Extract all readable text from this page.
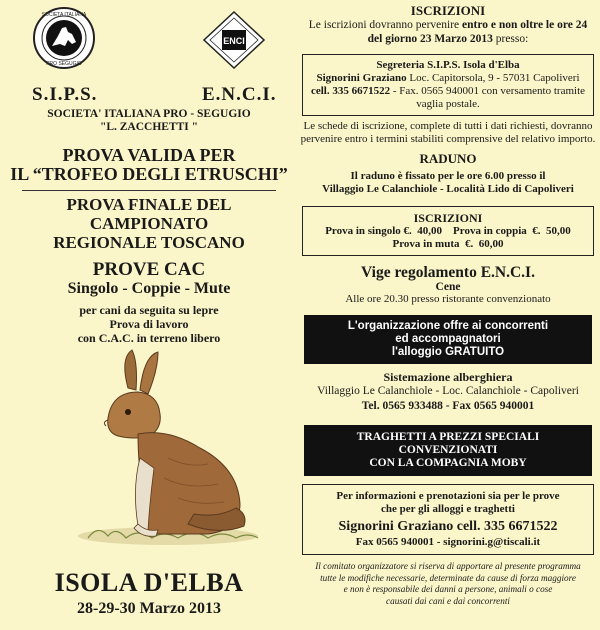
SOCIETA ITALIANA
PRO SEGUGIO
ENCI
S.I.P.S.	E.N.C.I.
SOCIETA' ITALIANA PRO - SEGUGIO
"L. ZACCHETTI "
PROVA VALIDA PER
IL “TROFEO DEGLI ETRUSCHI”
PROVA FINALE DEL CAMPIONATO
REGIONALE TOSCANO
PROVE CAC
Singolo - Coppie - Mute
per cani da seguita su lepre
Prova di lavoro
con C.A.C. in terreno libero
ISOLA D'ELBA
28-29-30 Marzo 2013
ISCRIZIONI
Le iscrizioni dovranno pervenire entro e non oltre le ore 24
del giorno 23 Marzo 2013 presso:
Segreteria S.I.P.S. Isola d'Elba
Signorini Graziano Loc. Capitorsola, 9 - 57031 Capoliveri
cell. 335 6671522 - Fax. 0565 940001 con versamento tramite
vaglia postale.
Le schede di iscrizione, complete di tutti i dati richiesti, dovranno
pervenire entro i termini stabiliti comprensive del relativo importo.
RADUNO
Il raduno è fissato per le ore 6.00 presso il
Villaggio Le Calanchiole - Località Lido di Capoliveri
ISCRIZIONI
Prova in singolo €.  40,00    Prova in coppia  €.  50,00
Prova in muta  €.  60,00
Vige regolamento E.N.C.I.
Cene
Alle ore 20.30 presso ristorante convenzionato
L'organizzazione offre ai concorrenti
ed accompagnatori
l'alloggio GRATUITO
Sistemazione alberghiera
Villaggio Le Calanchiole - Loc. Calanchiole - Capoliveri
Tel. 0565 933488 - Fax 0565 940001
TRAGHETTI A PREZZI SPECIALI
CONVENZIONATI
CON LA COMPAGNIA MOBY
Per informazioni e prenotazioni sia per le prove
che per gli alloggi e traghetti
Signorini Graziano cell. 335 6671522
Fax 0565 940001 - signorini.g@tiscali.it
Il comitato organizzatore si riserva di apportare al presente programma
tutte le modifiche necessarie, determinate da cause di forza maggiore
e non è responsabile dei danni a persone, animali o cose
causati dai cani e dai concorrenti
